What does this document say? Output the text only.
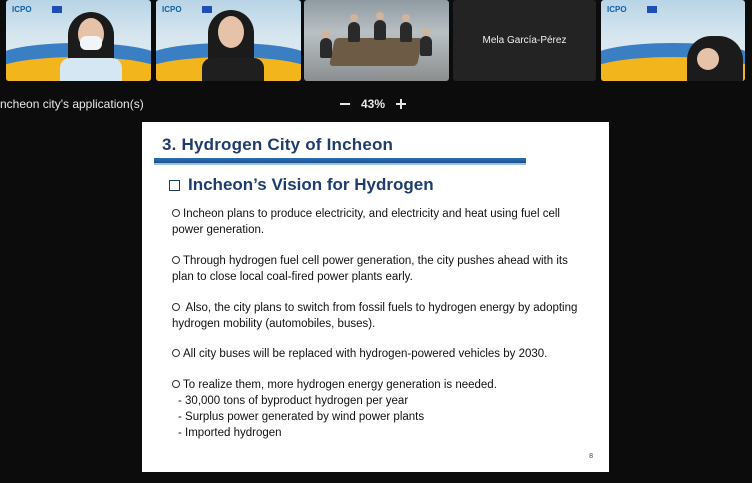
ICPO	ICPO
Mela García-Pérez
ICPO
ncheon city's application(s)	43%
3. Hydrogen City of Incheon
Incheon’s Vision for Hydrogen
Incheon plans to produce electricity, and electricity and heat using fuel cell power generation.
Through hydrogen fuel cell power generation, the city pushes ahead with its plan to close local coal-fired power plants early.
Also, the city plans to switch from fossil fuels to hydrogen energy by adopting hydrogen mobility (automobiles, buses).
All city buses will be replaced with hydrogen-powered vehicles by 2030.
To realize them, more hydrogen energy generation is needed.
- 30,000 tons of byproduct hydrogen per year
- Surplus power generated by wind power plants
- Imported hydrogen
8
